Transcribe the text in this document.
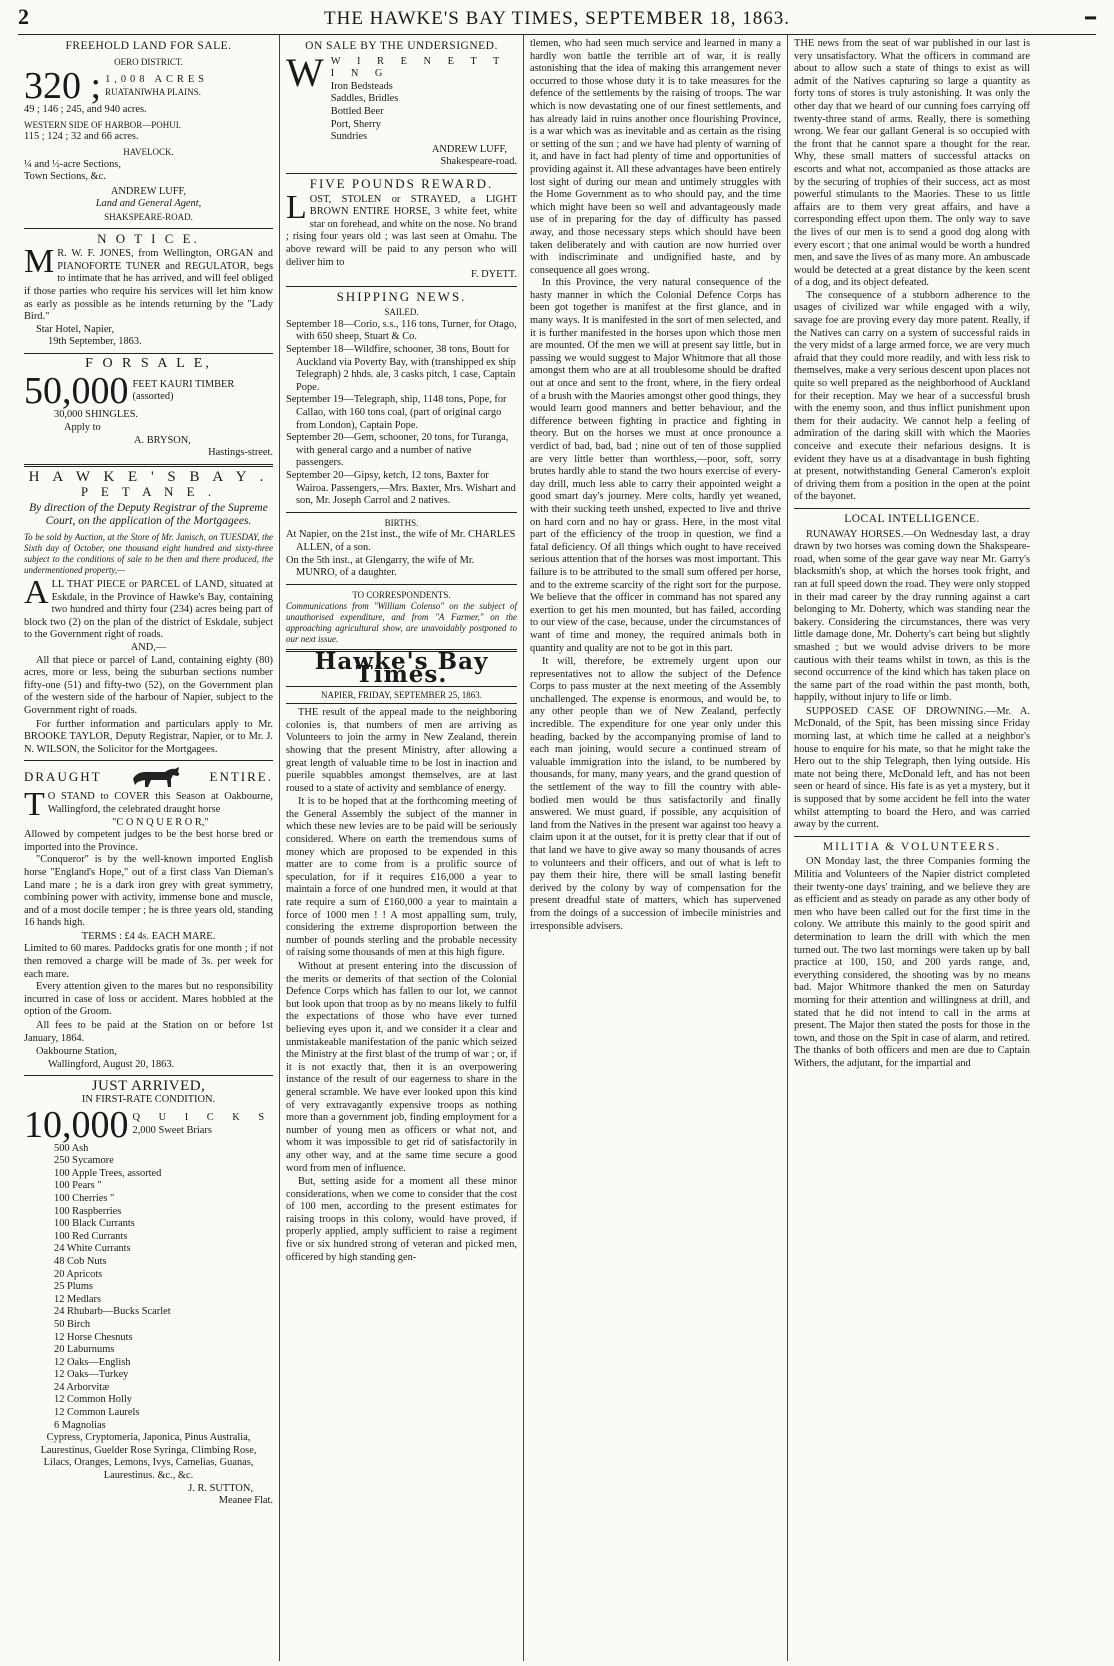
2	THE HAWKE'S BAY TIMES, SEPTEMBER 18, 1863.	━
FREEHOLD LAND FOR SALE.
OERO DISTRICT.
320 ; 1,008 ACRES
RUATANIWHA PLAINS.
49 ; 146 ; 245, and 940 acres.
WESTERN SIDE OF HARBOR—POHUI.
115 ; 124 ; 32 and 66 acres.
HAVELOCK.
¼ and ½-acre Sections,
Town Sections, &c.
ANDREW LUFF,
Land and General Agent,
SHAKSPEARE-ROAD.
N O T I C E.
M R. W. F. JONES, from Wellington, ORGAN and PIANOFORTE TUNER and REGULATOR, begs to intimate that he has arrived, and will feel obliged if those parties who require his services will let him know as early as possible as he intends returning by the "Lady Bird."
Star Hotel, Napier,
19th September, 1863.
F O R S A L E,
50,000 FEET KAURI TIMBER (assorted)
30,000 SHINGLES.
Apply to
A. BRYSON,
Hastings-street.
H A W K E ' S B A Y .
P E T A N E .
By direction of the Deputy Registrar of the Supreme Court, on the application of the Mortgagees.
To be sold by Auction, at the Store of Mr. Janisch, on TUESDAY, the Sixth day of October, one thousand eight hundred and sixty-three subject to the conditions of sale to be then and there produced, the undermentioned property,—
ALL THAT PIECE or PARCEL of LAND, situated at Eskdale, in the Province of Hawke's Bay, containing two hundred and thirty four (234) acres being part of block two (2) on the plan of the district of Eskdale, subject to the Government right of roads.
AND,—
All that piece or parcel of Land, containing eighty (80) acres, more or less, being the suburban sections number fifty-one (51) and fifty-two (52), on the Government plan of the western side of the harbour of Napier, subject to the Government right of roads.
For further information and particulars apply to Mr. BROOKE TAYLOR, Deputy Registrar, Napier, or to Mr. J. N. WILSON, the Solicitor for the Mortgagees.
DRAUGHT	ENTIRE.
T O STAND to COVER this Season at Oakbourne, Wallingford, the celebrated draught horse
"C O N Q U E R O R,"
Allowed by competent judges to be the best horse bred or imported into the Province.
"Conqueror" is by the well-known imported English horse "England's Hope," out of a first class Van Dieman's Land mare ; he is a dark iron grey with great symmetry, combining power with activity, immense bone and muscle, and of a most docile temper ; he is three years old, standing 16 hands high.
TERMS : £4 4s. EACH MARE.
Limited to 60 mares. Paddocks gratis for one month ; if not then removed a charge will be made of 3s. per week for each mare.
Every attention given to the mares but no responsibility incurred in case of loss or accident. Mares hobbled at the option of the Groom.
All fees to be paid at the Station on or before 1st January, 1864.
Oakbourne Station,
Wallingford, August 20, 1863.
JUST ARRIVED,
IN FIRST-RATE CONDITION.
10,000 Q U I C K S
2,000 Sweet Briars
500 Ash
250 Sycamore
100 Apple Trees, assorted
100 Pears "
100 Cherries "
100 Raspberries
100 Black Currants
100 Red Currants
24 White Currants
48 Cob Nuts
20 Apricots
25 Plums
12 Medlars
24 Rhubarb—Bucks Scarlet
50 Birch
12 Horse Chesnuts
20 Laburnums
12 Oaks—English
12 Oaks—Turkey
24 Arborvitæ
12 Common Holly
12 Common Laurels
6 Magnolias
Cypress, Cryptomeria, Japonica, Pinus Australia, Laurestinus, Guelder Rose Syringa, Climbing Rose, Lilacs, Oranges, Lemons, Ivys, Camelias, Guanas, Laurestinus. &c., &c.
J. R. SUTTON,
Meanee Flat.
ON SALE BY THE UNDERSIGNED.
W W I R E N E T T I N G
Iron Bedsteads
Saddles, Bridles
Bottled Beer
Port, Sherry
Sundries
ANDREW LUFF,
Shakespeare-road.
FIVE POUNDS REWARD.
LOST, STOLEN or STRAYED, a LIGHT BROWN ENTIRE HORSE, 3 white feet, white star on forehead, and white on the nose. No brand ; rising four years old ; was last seen at Omahu. The above reward will be paid to any person who will deliver him to
F. DYETT.
SHIPPING NEWS.
SAILED.
September 18—Corio, s.s., 116 tons, Turner, for Otago, with 650 sheep, Stuart & Co.
September 18—Wildfire, schooner, 38 tons, Boutt for Auckland via Poverty Bay, with (transhipped ex ship Telegraph) 2 hhds. ale, 3 casks pitch, 1 case, Captain Pope.
September 19—Telegraph, ship, 1148 tons, Pope, for Callao, with 160 tons coal, (part of original cargo from London), Captain Pope.
September 20—Gem, schooner, 20 tons, for Turanga, with general cargo and a number of native passengers.
September 20—Gipsy, ketch, 12 tons, Baxter for Wairoa. Passengers,—Mrs. Baxter, Mrs. Wishart and son, Mr. Joseph Carrol and 2 natives.
BIRTHS.
At Napier, on the 21st inst., the wife of Mr. CHARLES ALLEN, of a son.
On the 5th inst., at Glengarry, the wife of Mr. MUNRO, of a daughter.
TO CORRESPONDENTS.
Communications from "William Colenso" on the subject of unauthorised expenditure, and from "A Farmer," on the approaching agricultural show, are unavoidably postponed to our next issue.
Hawke's Bay Times.
NAPIER, FRIDAY, SEPTEMBER 25, 1863.
THE result of the appeal made to the neighboring colonies is, that numbers of men are arriving as Volunteers to join the army in New Zealand, therein showing that the present Ministry, after allowing a great length of valuable time to be lost in inaction and puerile squabbles amongst themselves, are at last roused to a state of activity and semblance of energy.
It is to be hoped that at the forthcoming meeting of the General Assembly the subject of the manner in which these new levies are to be paid will be seriously considered. Where on earth the tremendous sums of money which are proposed to be expended in this matter are to come from is a prolific source of speculation, for if it requires £16,000 a year to maintain a force of one hundred men, it would at that rate require a sum of £160,000 a year to maintain a force of 1000 men ! ! A most appalling sum, truly, considering the extreme disproportion between the number of pounds sterling and the probable necessity of raising some thousands of men at this high figure.
Without at present entering into the discussion of the merits or demerits of that section of the Colonial Defence Corps which has fallen to our lot, we cannot but look upon that troop as by no means likely to fulfil the expectations of those who have ever turned believing eyes upon it, and we consider it a clear and unmistakeable manifestation of the panic which seized the Ministry at the first blast of the trump of war ; or, if it is not exactly that, then it is an overpowering instance of the result of our eagerness to share in the general scramble. We have ever looked upon this kind of very extravagantly expensive troops as nothing more than a government job, finding employment for a number of young men as officers or what not, and whom it was impossible to get rid of satisfactorily in any other way, and at the same time secure a good word from men of influence.
But, setting aside for a moment all these minor considerations, when we come to consider that the cost of 100 men, according to the present estimates for raising troops in this colony, would have proved, if properly applied, amply sufficient to raise a regiment five or six hundred strong of veteran and picked men, officered by high standing gen-
tlemen, who had seen much service and learned in many a hardly won battle the terrible art of war, it is really astonishing that the idea of making this arrangement never occurred to those whose duty it is to take measures for the defence of the settlements by the raising of troops. The war which is now devastating one of our finest settlements, and has already laid in ruins another once flourishing Province, is a war which was as inevitable and as certain as the rising or setting of the sun ; and we have had plenty of warning of it, and have in fact had plenty of time and opportunities of providing against it. All these advantages have been entirely lost sight of during our mean and untimely struggles with the Home Government as to who should pay, and the time which might have been so well and advantageously made use of in preparing for the day of difficulty has passed away, and those necessary steps which should have been taken deliberately and with caution are now hurried over with indiscriminate and undignified haste, and by consequence all goes wrong.
In this Province, the very natural consequence of the hasty manner in which the Colonial Defence Corps has been got together is manifest at the first glance, and in many ways. It is manifested in the sort of men selected, and it is further manifested in the horses upon which those men are mounted. Of the men we will at present say little, but in passing we would suggest to Major Whitmore that all those amongst them who are at all troublesome should be drafted out at once and sent to the front, where, in the fiery ordeal of a brush with the Maories amongst other good things, they would learn good manners and better behaviour, and the difference between fighting in practice and fighting in theory. But on the horses we must at once pronounce a verdict of bad, bad, bad ; nine out of ten of those supplied are very little better than worthless,—poor, soft, sorry brutes hardly able to stand the two hours exercise of every-day drill, much less able to carry their appointed weight a good smart day's journey. Mere colts, hardly yet weaned, with their sucking teeth unshed, expected to live and thrive on hard corn and no hay or grass. Here, in the most vital part of the efficiency of the troop in question, we find a fatal deficiency. Of all things which ought to have received serious attention that of the horses was most important. This failure is to be attributed to the small sum offered per horse, and to the extreme scarcity of the right sort for the purpose. We believe that the officer in command has not spared any exertion to get his men mounted, but has failed, according to our view of the case, because, under the circumstances of want of time and money, the required animals both in quantity and quality are not to be got in this part.
It will, therefore, be extremely urgent upon our representatives not to allow the subject of the Defence Corps to pass muster at the next meeting of the Assembly unchallenged. The expense is enormous, and would be, to any other people than we of New Zealand, perfectly incredible. The expenditure for one year only under this heading, backed by the accompanying promise of land to each man joining, would secure a continued stream of valuable immigration into the island, to be numbered by thousands, for many, many years, and the grand question of the settlement of the way to fill the country with able-bodied men would be thus satisfactorily and finally answered. We must guard, if possible, any acquisition of land from the Natives in the present war against too heavy a claim upon it at the outset, for it is pretty clear that if out of that land we have to give away so many thousands of acres to volunteers and their officers, and out of what is left to pay them their hire, there will be small lasting benefit derived by the colony by way of compensation for the present dreadful state of matters, which has supervened from the doings of a succession of imbecile ministries and irresponsible advisers.
THE news from the seat of war published in our last is very unsatisfactory. What the officers in command are about to allow such a state of things to exist as will admit of the Natives capturing so large a quantity as forty tons of stores is truly astonishing. It was only the other day that we heard of our cunning foes carrying off twenty-three stand of arms. Really, there is something wrong. We fear our gallant General is so occupied with the front that he cannot spare a thought for the rear. Why, these small matters of successful attacks on escorts and what not, accompanied as those attacks are by the securing of trophies of their success, act as most powerful stimulants to the Maories. These to us little affairs are to them very great affairs, and have a corresponding effect upon them. The only way to save the lives of our men is to send a good dog along with every escort ; that one animal would be worth a hundred men, and save the lives of as many more. An ambuscade would be detected at a great distance by the keen scent of a dog, and its object defeated.
The consequence of a stubborn adherence to the usages of civilized war while engaged with a wily, savage foe are proving every day more patent. Really, if the Natives can carry on a system of successful raids in the very midst of a large armed force, we are very much afraid that they could more readily, and with less risk to themselves, make a very serious descent upon places not quite so well prepared as the neighborhood of Auckland for their reception. May we hear of a successful brush with the enemy soon, and thus inflict punishment upon them for their audacity. We cannot help a feeling of admiration of the daring skill with which the Maories conceive and execute their nefarious designs. It is evident they have us at a disadvantage in bush fighting at present, notwithstanding General Cameron's exploit of driving them from a position in the open at the point of the bayonet.
LOCAL INTELLIGENCE.
RUNAWAY HORSES.—On Wednesday last, a dray drawn by two horses was coming down the Shakspeare-road, when some of the gear gave way near Mr. Garry's blacksmith's shop, at which the horses took fright, and ran at full speed down the road. They were only stopped in their mad career by the dray running against a cart belonging to Mr. Doherty, which was standing near the bakery. Considering the circumstances, there was very little damage done, Mr. Doherty's cart being but slightly smashed ; but we would advise drivers to be more cautious with their teams whilst in town, as this is the second occurrence of the kind which has taken place on the same part of the road within the past month, both, happily, without injury to life or limb.
SUPPOSED CASE OF DROWNING.—Mr. A. McDonald, of the Spit, has been missing since Friday morning last, at which time he called at a neighbor's house to enquire for his mate, so that he might take the Hero out to the ship Telegraph, then lying outside. His mate not being there, McDonald left, and has not been seen or heard of since. His fate is as yet a mystery, but it is supposed that by some accident he fell into the water whilst attempting to board the Hero, and was carried away by the current.
MILITIA & VOLUNTEERS.
ON Monday last, the three Companies forming the Militia and Volunteers of the Napier district completed their twenty-one days' training, and we believe they are as efficient and as steady on parade as any other body of men who have been called out for the first time in the colony. We attribute this mainly to the good spirit and determination to learn the drill with which the men turned out. The two last mornings were taken up by ball practice at 100, 150, and 200 yards range, and, everything considered, the shooting was by no means bad. Major Whitmore thanked the men on Saturday morning for their attention and willingness at drill, and stated that he did not intend to call in the arms at present. The Major then stated the posts for those in the town, and those on the Spit in case of alarm, and retired. The thanks of both officers and men are due to Captain Withers, the adjutant, for the impartial and
